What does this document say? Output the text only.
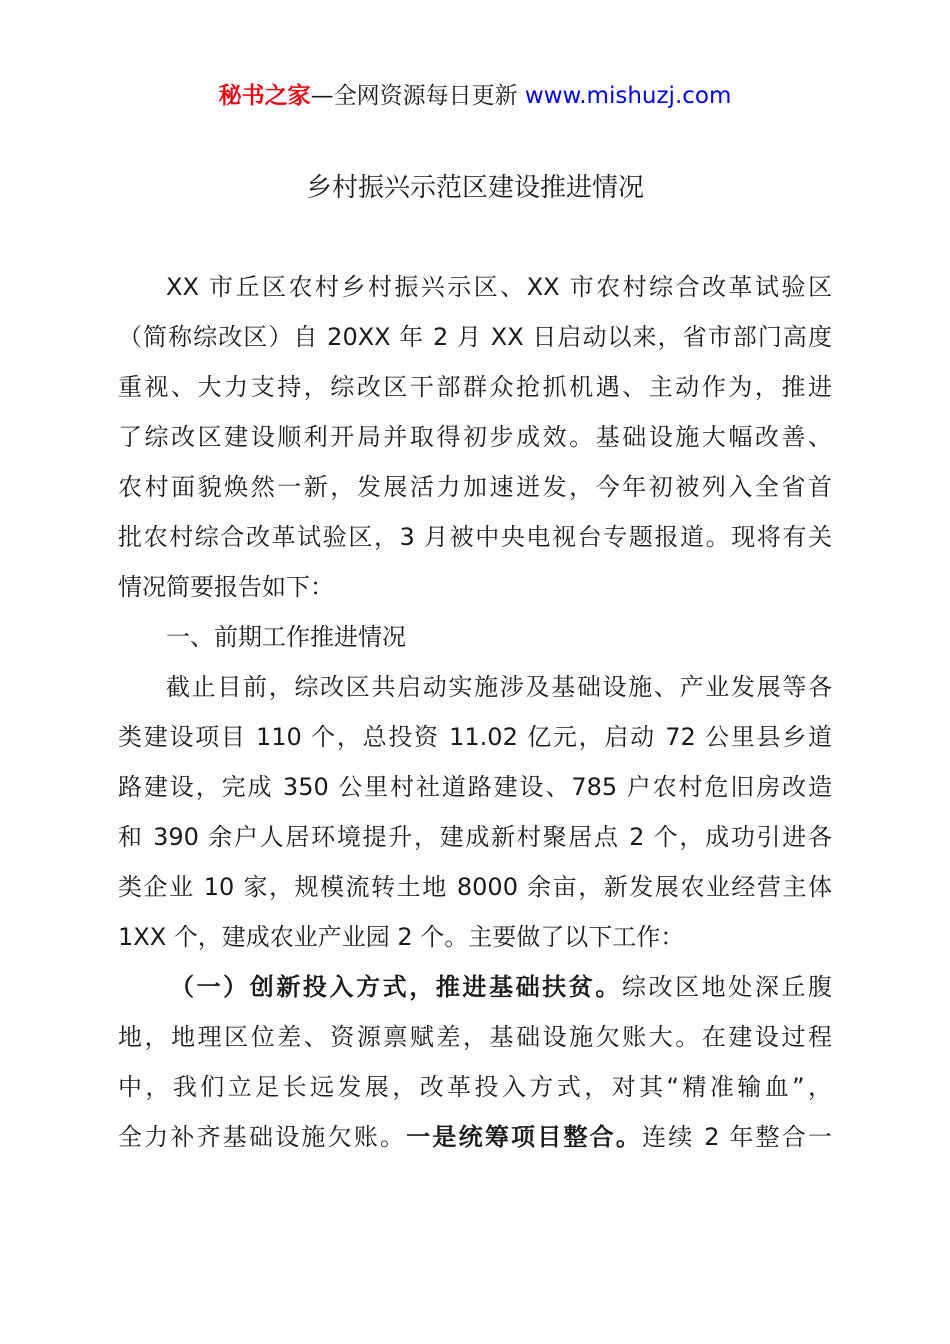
秘书之家—全网资源每日更新 www.mishuzj.com
乡村振兴示范区建设推进情况
XX 市丘区农村乡村振兴示区、XX 市农村综合改革试验区
（简称综改区）自 20XX 年 2 月 XX 日启动以来，省市部门高度
重视、大力支持，综改区干部群众抢抓机遇、主动作为，推进
了综改区建设顺利开局并取得初步成效。基础设施大幅改善、
农村面貌焕然一新，发展活力加速迸发，今年初被列入全省首
批农村综合改革试验区，3 月被中央电视台专题报道。现将有关
情况简要报告如下：
一、前期工作推进情况
截止目前，综改区共启动实施涉及基础设施、产业发展等各
类建设项目 110 个，总投资 11.02 亿元，启动 72 公里县乡道
路建设，完成 350 公里村社道路建设、785 户农村危旧房改造
和 390 余户人居环境提升，建成新村聚居点 2 个，成功引进各
类企业 10 家，规模流转土地 8000 余亩，新发展农业经营主体
1XX 个，建成农业产业园 2 个。主要做了以下工作：
（一）创新投入方式，推进基础扶贫。综改区地处深丘腹
地，地理区位差、资源禀赋差，基础设施欠账大。在建设过程
中，我们立足长远发展，改革投入方式，对其“精准输血”，
全力补齐基础设施欠账。一是统筹项目整合。连续 2 年整合一
